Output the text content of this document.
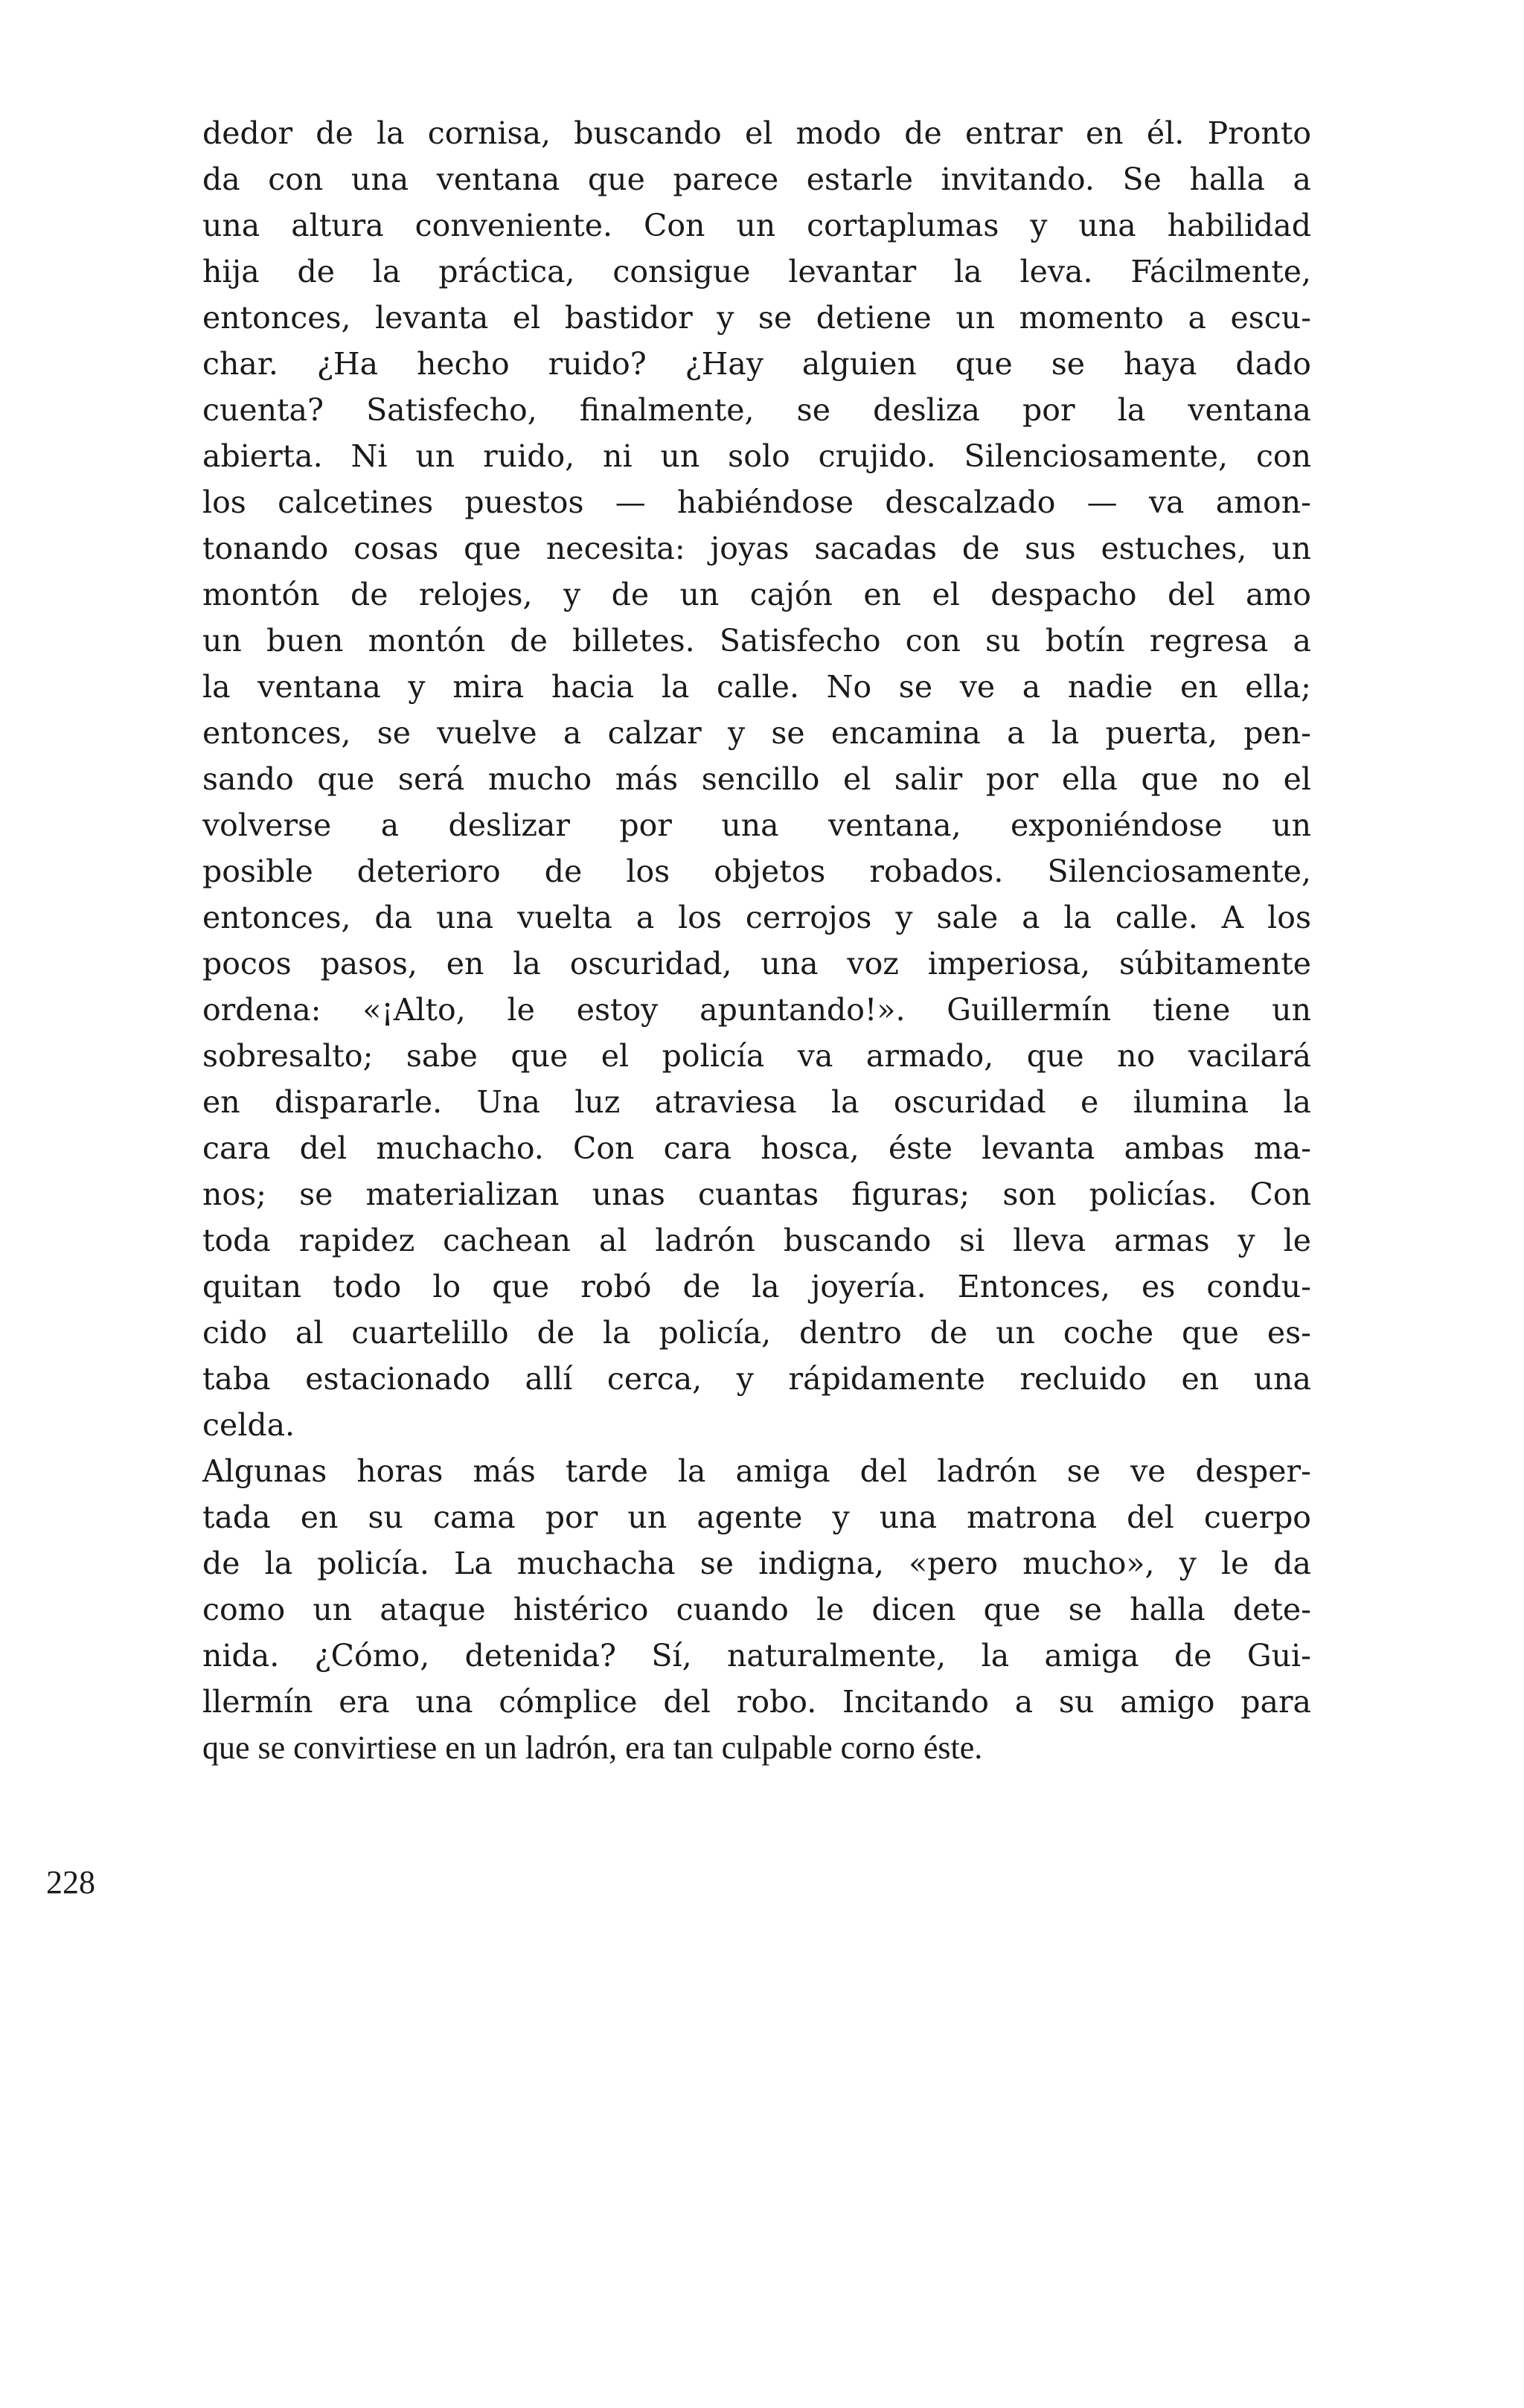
dedor de la cornisa, buscando el modo de entrar en él. Pronto
da con una ventana que parece estarle invitando. Se halla a
una altura conveniente. Con un cortaplumas y una habilidad
hija de la práctica, consigue levantar la leva. Fácilmente,
entonces, levanta el bastidor y se detiene un momento a escu-
char. ¿Ha hecho ruido? ¿Hay alguien que se haya dado
cuenta? Satisfecho, finalmente, se desliza por la ventana
abierta. Ni un ruido, ni un solo crujido. Silenciosamente, con
los calcetines puestos — habiéndose descalzado — va amon-
tonando cosas que necesita: joyas sacadas de sus estuches, un
montón de relojes, y de un cajón en el despacho del amo
un buen montón de billetes. Satisfecho con su botín regresa a
la ventana y mira hacia la calle. No se ve a nadie en ella;
entonces, se vuelve a calzar y se encamina a la puerta, pen-
sando que será mucho más sencillo el salir por ella que no el
volverse a deslizar por una ventana, exponiéndose un
posible deterioro de los objetos robados. Silenciosamente,
entonces, da una vuelta a los cerrojos y sale a la calle. A los
pocos pasos, en la oscuridad, una voz imperiosa, súbitamente
ordena: «¡Alto, le estoy apuntando!». Guillermín tiene un
sobresalto; sabe que el policía va armado, que no vacilará
en dispararle. Una luz atraviesa la oscuridad e ilumina la
cara del muchacho. Con cara hosca, éste levanta ambas ma-
nos; se materializan unas cuantas figuras; son policías. Con
toda rapidez cachean al ladrón buscando si lleva armas y le
quitan todo lo que robó de la joyería. Entonces, es condu-
cido al cuartelillo de la policía, dentro de un coche que es-
taba estacionado allí cerca, y rápidamente recluido en una
celda.
Algunas horas más tarde la amiga del ladrón se ve desper-
tada en su cama por un agente y una matrona del cuerpo
de la policía. La muchacha se indigna, «pero mucho», y le da
como un ataque histérico cuando le dicen que se halla dete-
nida. ¿Cómo, detenida? Sí, naturalmente, la amiga de Gui-
llermín era una cómplice del robo. Incitando a su amigo para
que se convirtiese en un ladrón, era tan culpable corno éste.
228
